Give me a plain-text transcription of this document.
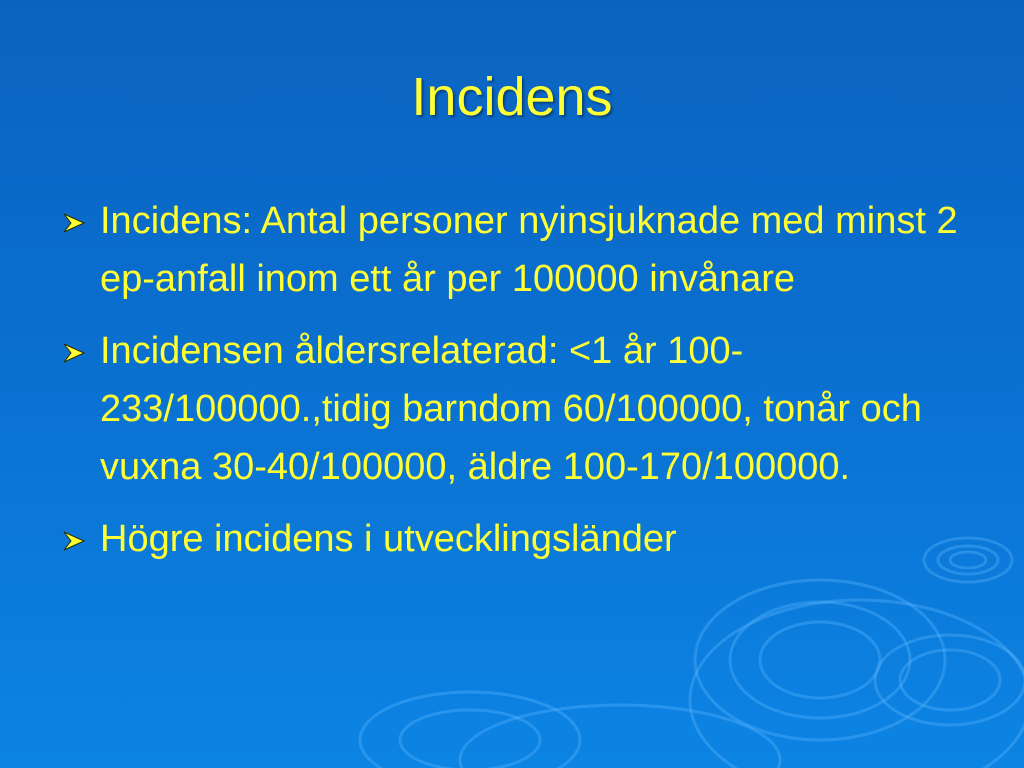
Incidens
Incidens: Antal personer nyinsjuknade med minst 2 ep-anfall inom ett år per 100000 invånare
Incidensen åldersrelaterad: <1 år 100-233/100000.,tidig barndom 60/100000, tonår och vuxna 30-40/100000, äldre 100-170/100000.
Högre incidens i utvecklingsländer
